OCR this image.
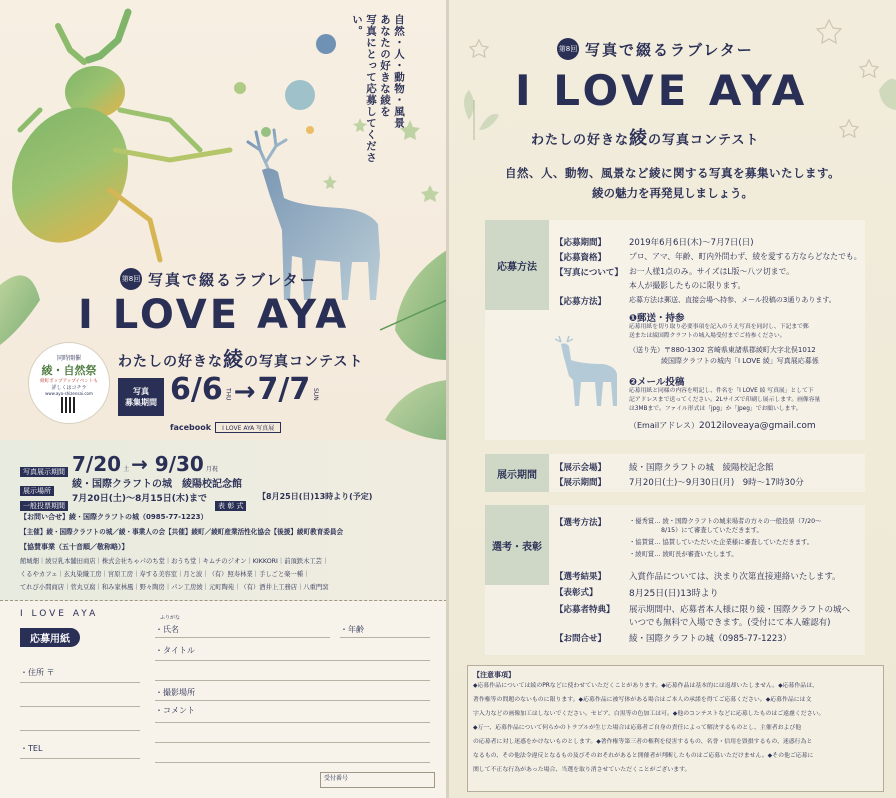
自然・人・動物・風景
あなたの好きな綾を
写真にとって応募してください。
第8回 写真で綴るラブレター
I LOVE AYA
わたしの好きな綾の写真コンテスト
写真
募集期間 6/6 THU → 7/7 SUN
同時開催
綾・自然祭
綾町ポップアップイベントも
詳しくはコチラ
www.aya-shizensai.com
facebook	I LOVE AYA 写真展
写真展示期間 7/20 土 → 9/30 月祝
展示場所
綾・国際クラフトの城　綾陽校記念館
一般投票期間
7月20日(土)〜8月15日(木)まで
表 彰 式
【8月25日(日)13時より(予定)
【お問い合せ】綾・国際クラフトの城（0985-77-1223）
【主催】綾・国際クラフトの城／綾・事業人の会【共催】綾町／綾町産業活性化協会【後援】綾町教育委員会
【協賛事業（五十音順／敬称略）】
館城畑｜綾豆乳本舗田商店｜株式会社ちゃパのち堂｜おうち堂｜キムチのジオン｜KIKKORI｜前頂鉄木工芸｜
くるやカフェ｜玄丸染織工房｜宮原工房｜寿する美容室｜月と波｜（有）照寿林業｜手しごと楽一種｜
てれび小間商店｜菅丸豆腐｜和み家林風｜野々陶房｜パン工房綾｜元町陶苑｜（有）酒井上工務店｜八重門窯
I LOVE AYA
応募用紙
ふりがな
・氏名	・年齢
・タイトル
・住所 〒
・撮影場所
・コメント
・TEL
受付番号
第8回 写真で綴るラブレター
I LOVE AYA
わたしの好きな綾の写真コンテスト
自然、人、動物、風景など綾に関する写真を募集いたします。
綾の魅力を再発見しましょう。
応募方法
【応募期間】	2019年6月6日(木)〜7月7日(日)
【応募資格】	プロ、アマ、年齢、町内外問わず、綾を愛する方ならどなたでも。
【写真について】 お一人様1点のみ。サイズはL版〜八ツ切まで。
本人が撮影したものに限ります。
【応募方法】	応募方法は郵送、直接会場へ持参、メール投稿の3通りあります。
❶郵送・持参
応募用紙を切り取り必要事項を記入のうえ写真を同封し、下記まで郵
送または綾国際クラフトの城入場受付までご持参ください。
（送り先）〒880-1302 宮崎県東諸県郡綾町大字北俣1012
綾国際クラフトの城内「I LOVE 綾」写真展応募係
❷メール投稿
応募用紙と同様の内容を明記し、件名を「I LOVE 綾 写真展」として下
記アドレスまで送ってください。2Lサイズで印刷し展示します。画像容量
は3MBまで。ファイル形式は「jpg」か「jpeg」でお願いします。
（Emailアドレス）2012iloveaya@gmail.com
展示期間
【展示会場】	綾・国際クラフトの城　綾陽校記念館
【展示期間】	7月20日(土)〜9月30日(月)　9時〜17時30分
選考・表彰
【選考方法】	・優秀賞… 綾・国際クラフトの城来場者の方々の一般投票（7/20〜
8/15）にて審査していただきます。
・協賛賞… 協賛していただいた企業様に審査していただきます。
・綾町賞… 綾町長が審査いたします。
【選考結果】	入賞作品については、決まり次第直接連絡いたします。
【表彰式】	8月25日(日)13時より
【応募者特典】 展示期間中、応募者本人様に限り綾・国際クラフトの城へ
いつでも無料で入場できます。(受付にて本人確認有)
【お問合せ】	綾・国際クラフトの城（0985-77-1223）
【注意事項】
◆応募作品については綾のPRなどに使わせていただくことがあります。◆応募作品は基本的には返却いたしません。◆応募作品は、
著作権等の問題のないものに限ります。◆応募作品に被写体がある場合はご本人の承諾を得てご応募ください。◆応募作品には文
字入力などの画像加工はしないでください。セピア、白黒等の色加工は可。◆他のコンテストなどに応募したものはご遠慮ください。
◆万一、応募作品について何らかのトラブルが生じた場合は応募者ご自身の責任によって解決するものとし、主催者および他
の応募者に対し迷惑をかけないものとします。◆著作権等第三者の権利を侵害するもの、名誉・信用を毀損するもの、迷惑行為と
なるもの、その他法令違反となるもの及びそのおそれがあると開催者が判断したものはご応募いただけません。◆その他ご応募に
関して不正な行為があった場合、当選を取り消させていただくことがございます。
